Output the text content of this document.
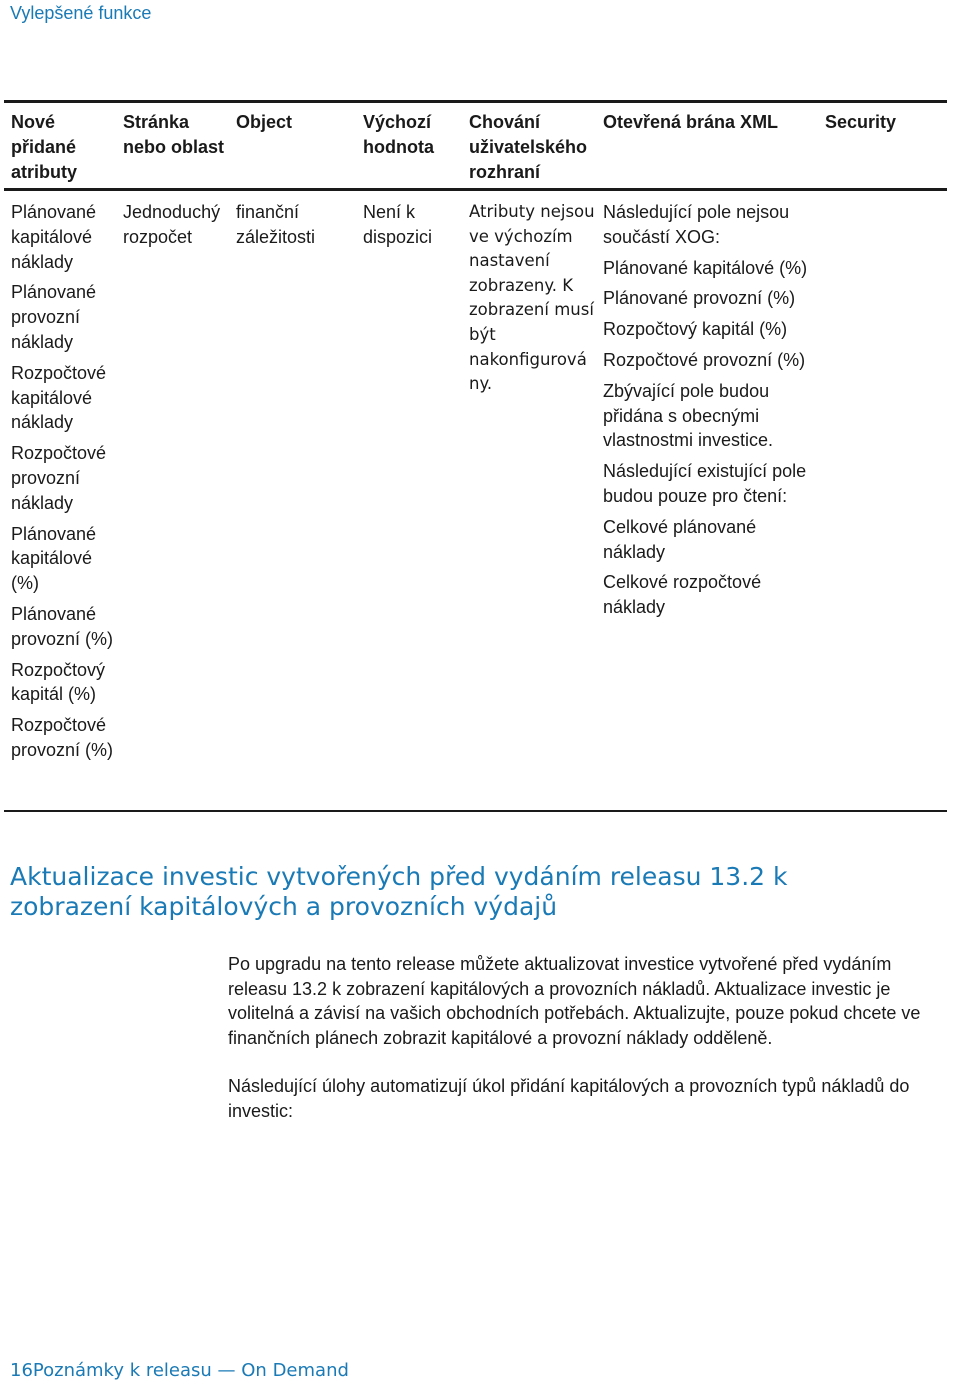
Vylepšené funkce
Nové přidané atributy
Stránka nebo oblast
Object	Výchozí hodnota
Chování uživatelského rozhraní
Otevřená brána XML	Security
Plánované kapitálové náklady
Plánované provozní náklady
Rozpočtové kapitálové náklady
Rozpočtové provozní náklady
Plánované kapitálové (%)
Plánované provozní (%)
Rozpočtový kapitál (%)
Rozpočtové provozní (%)
Jednoduchý rozpočet
finanční záležitosti
Není k dispozici
Atributy nejsou ve výchozím nastavení zobrazeny. K zobrazení musí být nakonfigurová ny.

Následující pole nejsou součástí XOG:

Plánované kapitálové (%)

Plánované provozní (%)

Rozpočtový kapitál (%)

Rozpočtové provozní (%)

Zbývající pole budou přidána s obecnými vlastnostmi investice.

Následující existující pole budou pouze pro čtení:

Celkové plánované náklady

Celkové rozpočtové náklady

Aktualizace investic vytvořených před vydáním releasu 13.2 k zobrazení kapitálových a provozních výdajů
Po upgradu na tento release můžete aktualizovat investice vytvořené před vydáním releasu 13.2 k zobrazení kapitálových a provozních nákladů. Aktualizace investic je volitelná a závisí na vašich obchodních potřebách. Aktualizujte, pouze pokud chcete ve finančních plánech zobrazit kapitálové a provozní náklady odděleně.
Následující úlohy automatizují úkol přidání kapitálových a provozních typů nákladů do investic:
16Poznámky k releasu — On Demand
